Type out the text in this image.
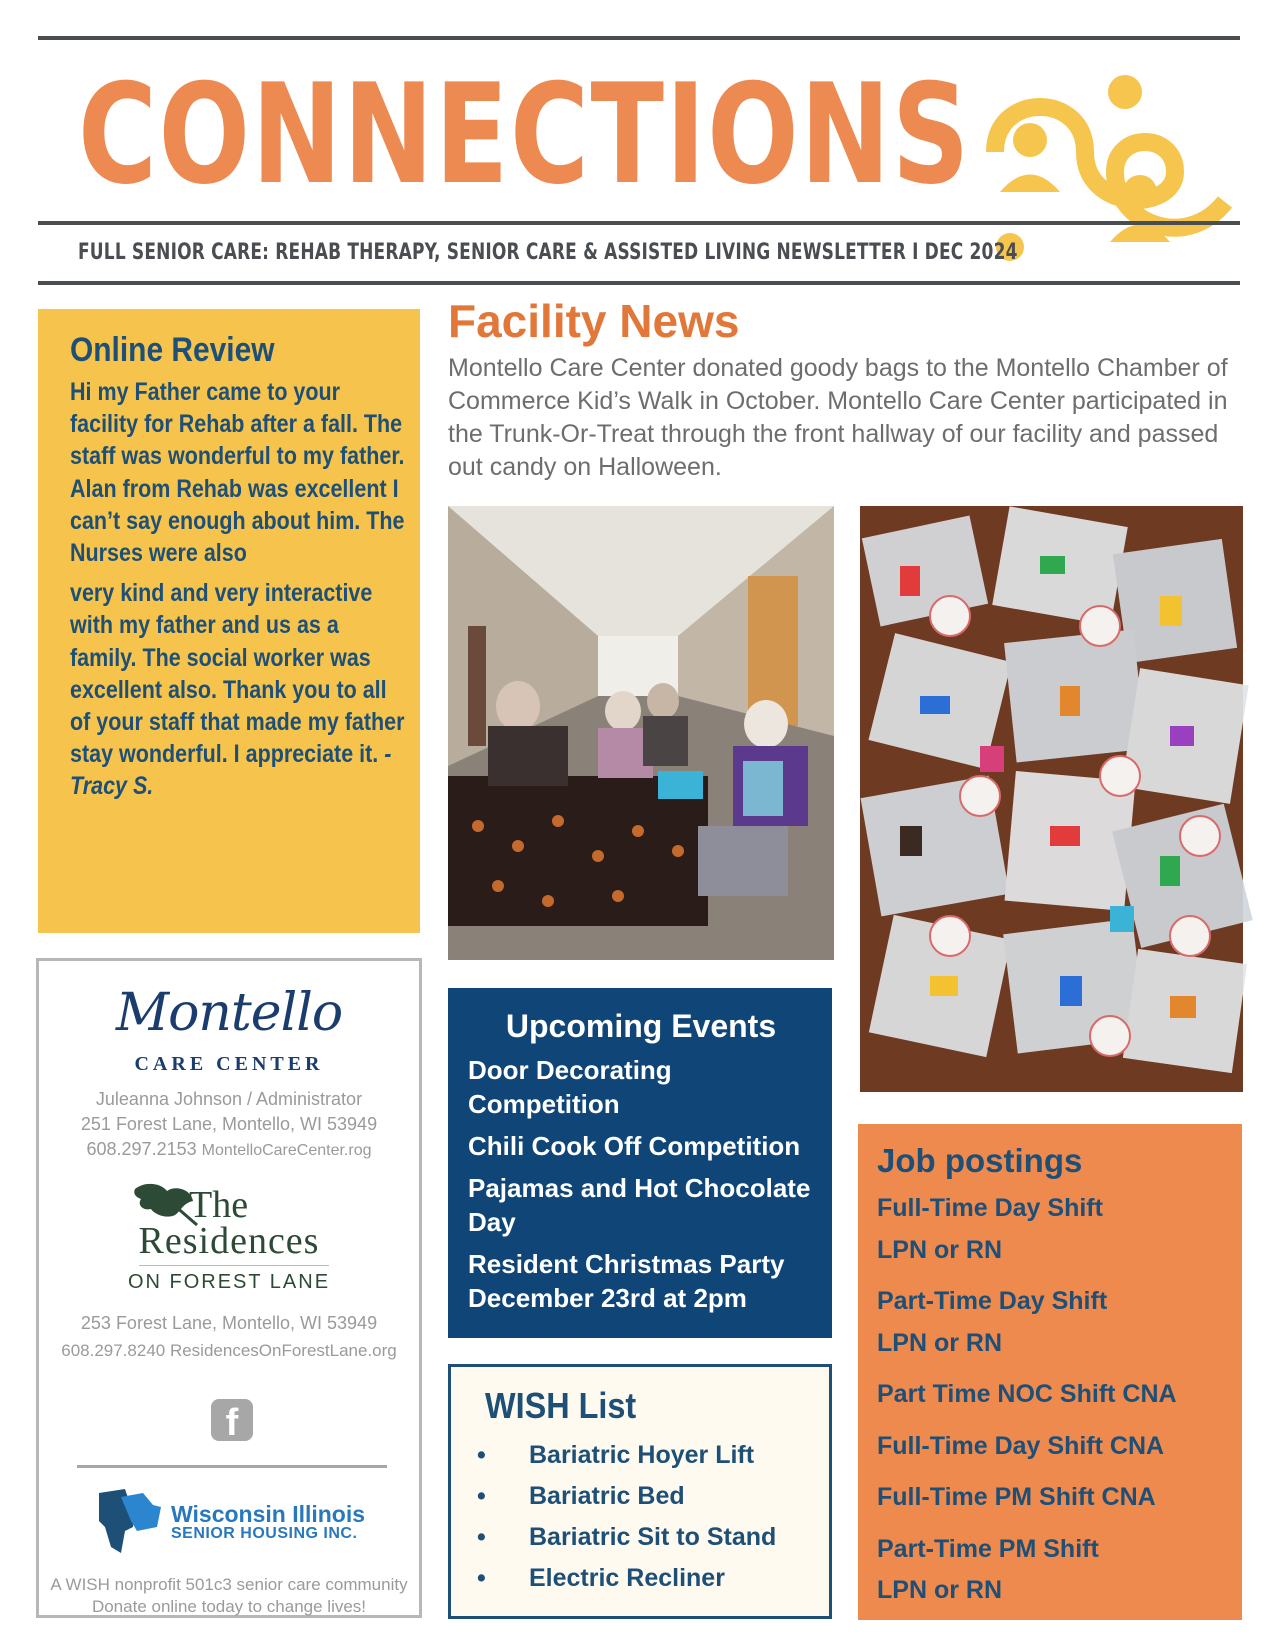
CONNECTIONS
FULL SENIOR CARE: REHAB THERAPY, SENIOR CARE & ASSISTED LIVING NEWSLETTER I DEC 2024
Online Review

Hi my Father came to your facility for Rehab after a fall. The staff was wonderful to my father. Alan from Rehab was excellent I can’t say enough about him. The Nurses were also

very kind and very interactive with my father and us as a family. The social worker was excellent also. Thank you to all of your staff that made my father stay wonderful. I appreciate it. -Tracy S.

Montello
CARE CENTER
Juleanna Johnson / Administrator
251 Forest Lane, Montello, WI 53949
608.297.2153 MontelloCareCenter.rog
The
Residences
ON FOREST LANE
253 Forest Lane, Montello, WI 53949
608.297.8240 ResidencesOnForestLane.org
f
Wisconsin Illinois
SENIOR HOUSING INC.
A WISH nonprofit 501c3 senior care community
Donate online today to change lives!
Facility News
Montello Care Center donated goody bags to the Montello Chamber of Commerce Kid’s Walk in October. Montello Care Center participated in the Trunk-Or-Treat through the front hallway of our facility and passed out candy on Halloween.
Upcoming Events
Door Decorating Competition
Chili Cook Off Competition
Pajamas and Hot Chocolate Day
Resident Christmas Party December 23rd at 2pm
WISH List
• Bariatric Hoyer Lift
• Bariatric Bed
• Bariatric Sit to Stand
• Electric Recliner
Job postings
Full-Time Day Shift
LPN or RN
Part-Time Day Shift
LPN or RN
Part Time NOC Shift CNA
Full-Time Day Shift CNA
Full-Time PM Shift CNA
Part-Time PM Shift
LPN or RN
